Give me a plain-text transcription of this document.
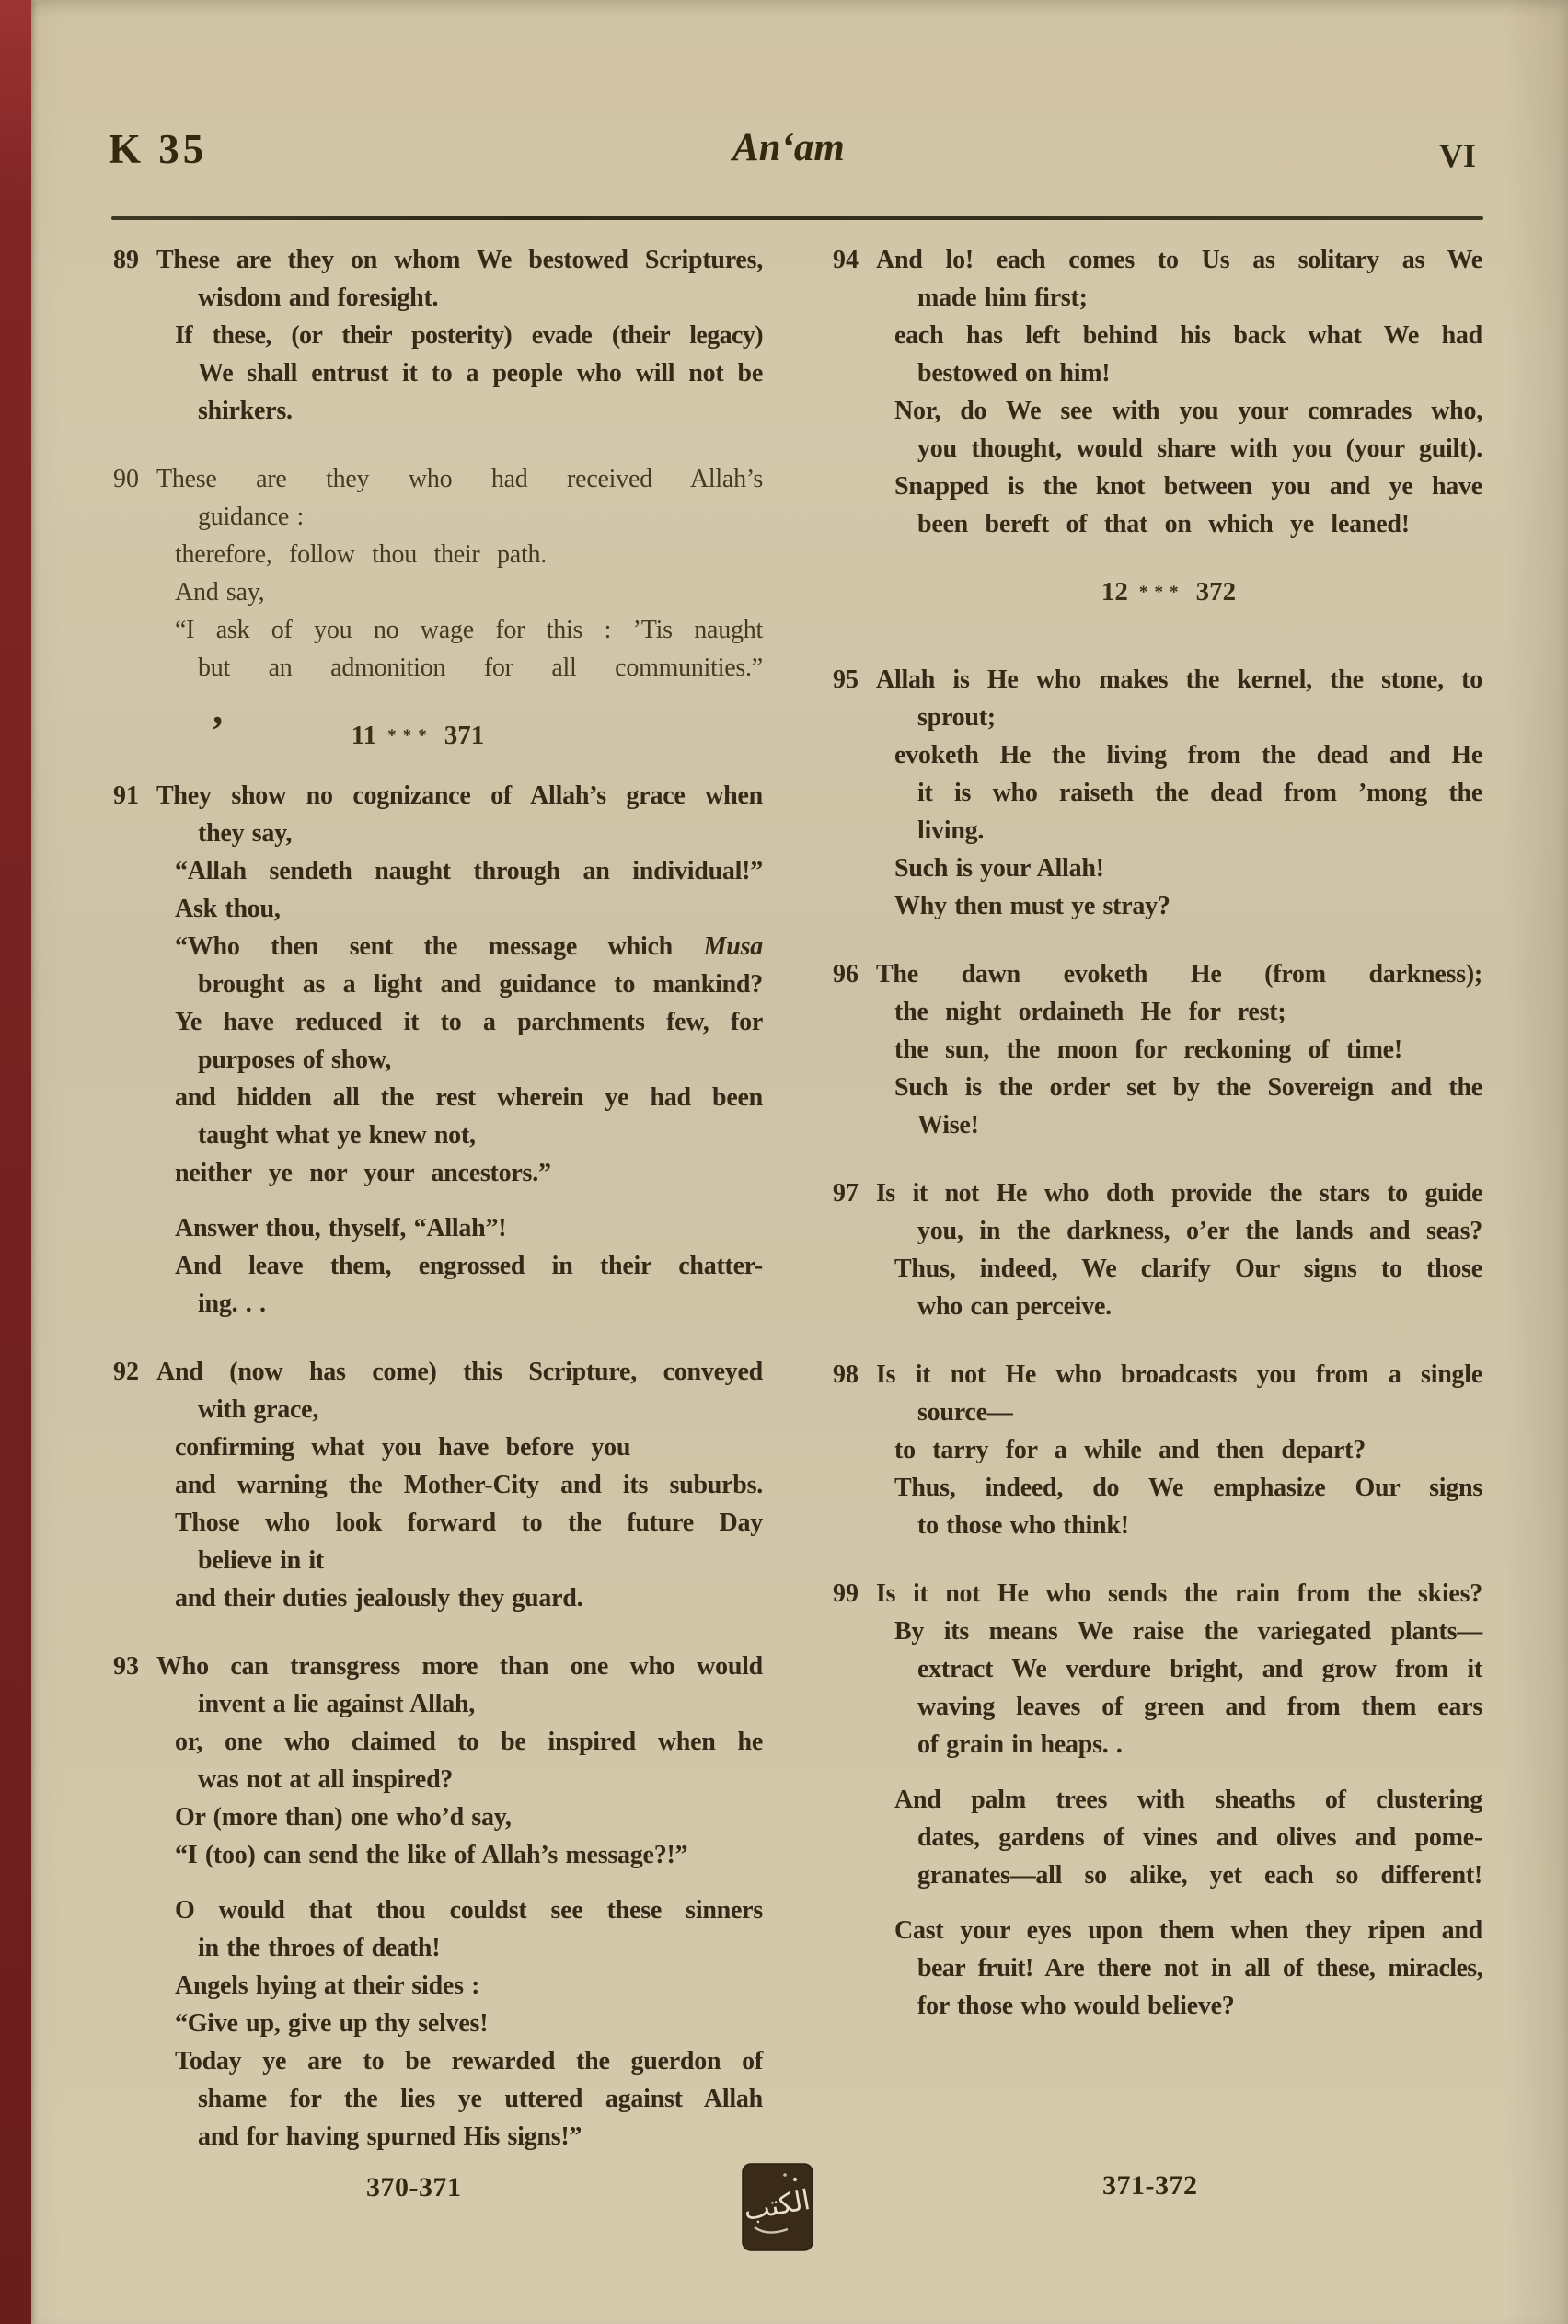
K 35	An‘am	VI
89 These are they on whom We bestowed Scriptures,
wisdom and foresight.
If these, (or their posterity) evade (their legacy)
We shall entrust it to a people who will not be
shirkers.
90 These are they who had received Allah’s
guidance :
therefore, follow thou their path.
And say,
“I ask of you no wage for this : ’Tis naught
but an admonition for all communities.”
’	11 *** 371
91 They show no cognizance of Allah’s grace when
they say,
“Allah sendeth naught through an individual!”
Ask thou,
“Who then sent the message which Musa
brought as a light and guidance to mankind?
Ye have reduced it to a parchments few, for
purposes of show,
and hidden all the rest wherein ye had been
taught what ye knew not,
neither ye nor your ancestors.”
Answer thou, thyself, “Allah”!
And leave them, engrossed in their chatter-
ing. . .
92 And (now has come) this Scripture, conveyed
with grace,
confirming what you have before you
and warning the Mother-City and its suburbs.
Those who look forward to the future Day
believe in it
and their duties jealously they guard.
93 Who can transgress more than one who would
invent a lie against Allah,
or, one who claimed to be inspired when he
was not at all inspired?
Or (more than) one who’d say,
“I (too) can send the like of Allah’s message?!”
O would that thou couldst see these sinners
in the throes of death!
Angels hying at their sides :
“Give up, give up thy selves!
Today ye are to be rewarded the guerdon of
shame for the lies ye uttered against Allah
and for having spurned His signs!”
94 And lo! each comes to Us as solitary as We
made him first;
each has left behind his back what We had
bestowed on him!
Nor, do We see with you your comrades who,
you thought, would share with you (your guilt).
Snapped is the knot between you and ye have
been bereft of that on which ye leaned!
12 *** 372
95 Allah is He who makes the kernel, the stone, to
sprout;
evoketh He the living from the dead and He
it is who raiseth the dead from ’mong the
living.
Such is your Allah!
Why then must ye stray?
96 The dawn evoketh He (from darkness);
the night ordaineth He for rest;
the sun, the moon for reckoning of time!
Such is the order set by the Sovereign and the
Wise!
97 Is it not He who doth provide the stars to guide
you, in the darkness, o’er the lands and seas?
Thus, indeed, We clarify Our signs to those
who can perceive.
98 Is it not He who broadcasts you from a single
source—
to tarry for a while and then depart?
Thus, indeed, do We emphasize Our signs
to those who think!
99 Is it not He who sends the rain from the skies?
By its means We raise the variegated plants—
extract We verdure bright, and grow from it
waving leaves of green and from them ears
of grain in heaps. .
And palm trees with sheaths of clustering
dates, gardens of vines and olives and pome-
granates—all so alike, yet each so different!
Cast your eyes upon them when they ripen and
bear fruit! Are there not in all of these, miracles,
for those who would believe?
370-371	الكتب	371-372
